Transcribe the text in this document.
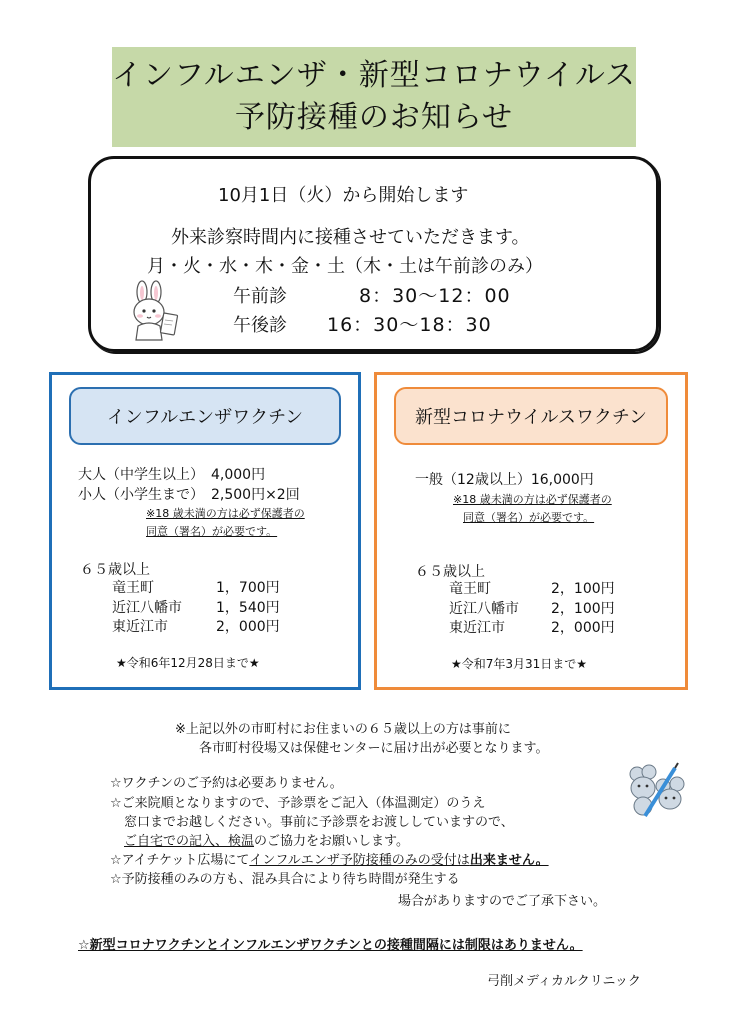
インフルエンザ・新型コロナウイルス
予防接種のお知らせ
10月1日（火）から開始します
外来診察時間内に接種させていただきます。
月・火・水・木・金・土（木・土は午前診のみ）
午前診	8：30～12：00
午後診 16：30～18：30
インフルエンザワクチン
大人（中学生以上）　4,000円
小人（小学生まで）　2,500円×2回
※18 歳未満の方は必ず保護者の
同意（署名）が必要です。
６５歳以上
竜王町	1，700円
近江八幡市 1，540円
東近江市	2，000円
★令和6年12月28日まで★
新型コロナウイルスワクチン
一般（12歳以上）16,000円
※18 歳未満の方は必ず保護者の
同意（署名）が必要です。
６５歳以上
竜王町	2，100円
近江八幡市 2，100円
東近江市	2，000円
★令和7年3月31日まで★
※上記以外の市町村にお住まいの６５歳以上の方は事前に
各市町村役場又は保健センターに届け出が必要となります。
☆ワクチンのご予約は必要ありません。
☆ご来院順となりますので、予診票をご記入（体温測定）のうえ
窓口までお越しください。事前に予診票をお渡ししていますので、
ご自宅での記入、検温のご協力をお願いします。
☆アイチケット広場にてインフルエンザ予防接種のみの受付は出来ません。
☆予防接種のみの方も、混み具合により待ち時間が発生する
場合がありますのでご了承下さい。
☆新型コロナワクチンとインフルエンザワクチンとの接種間隔には制限はありません。
弓削メディカルクリニック
